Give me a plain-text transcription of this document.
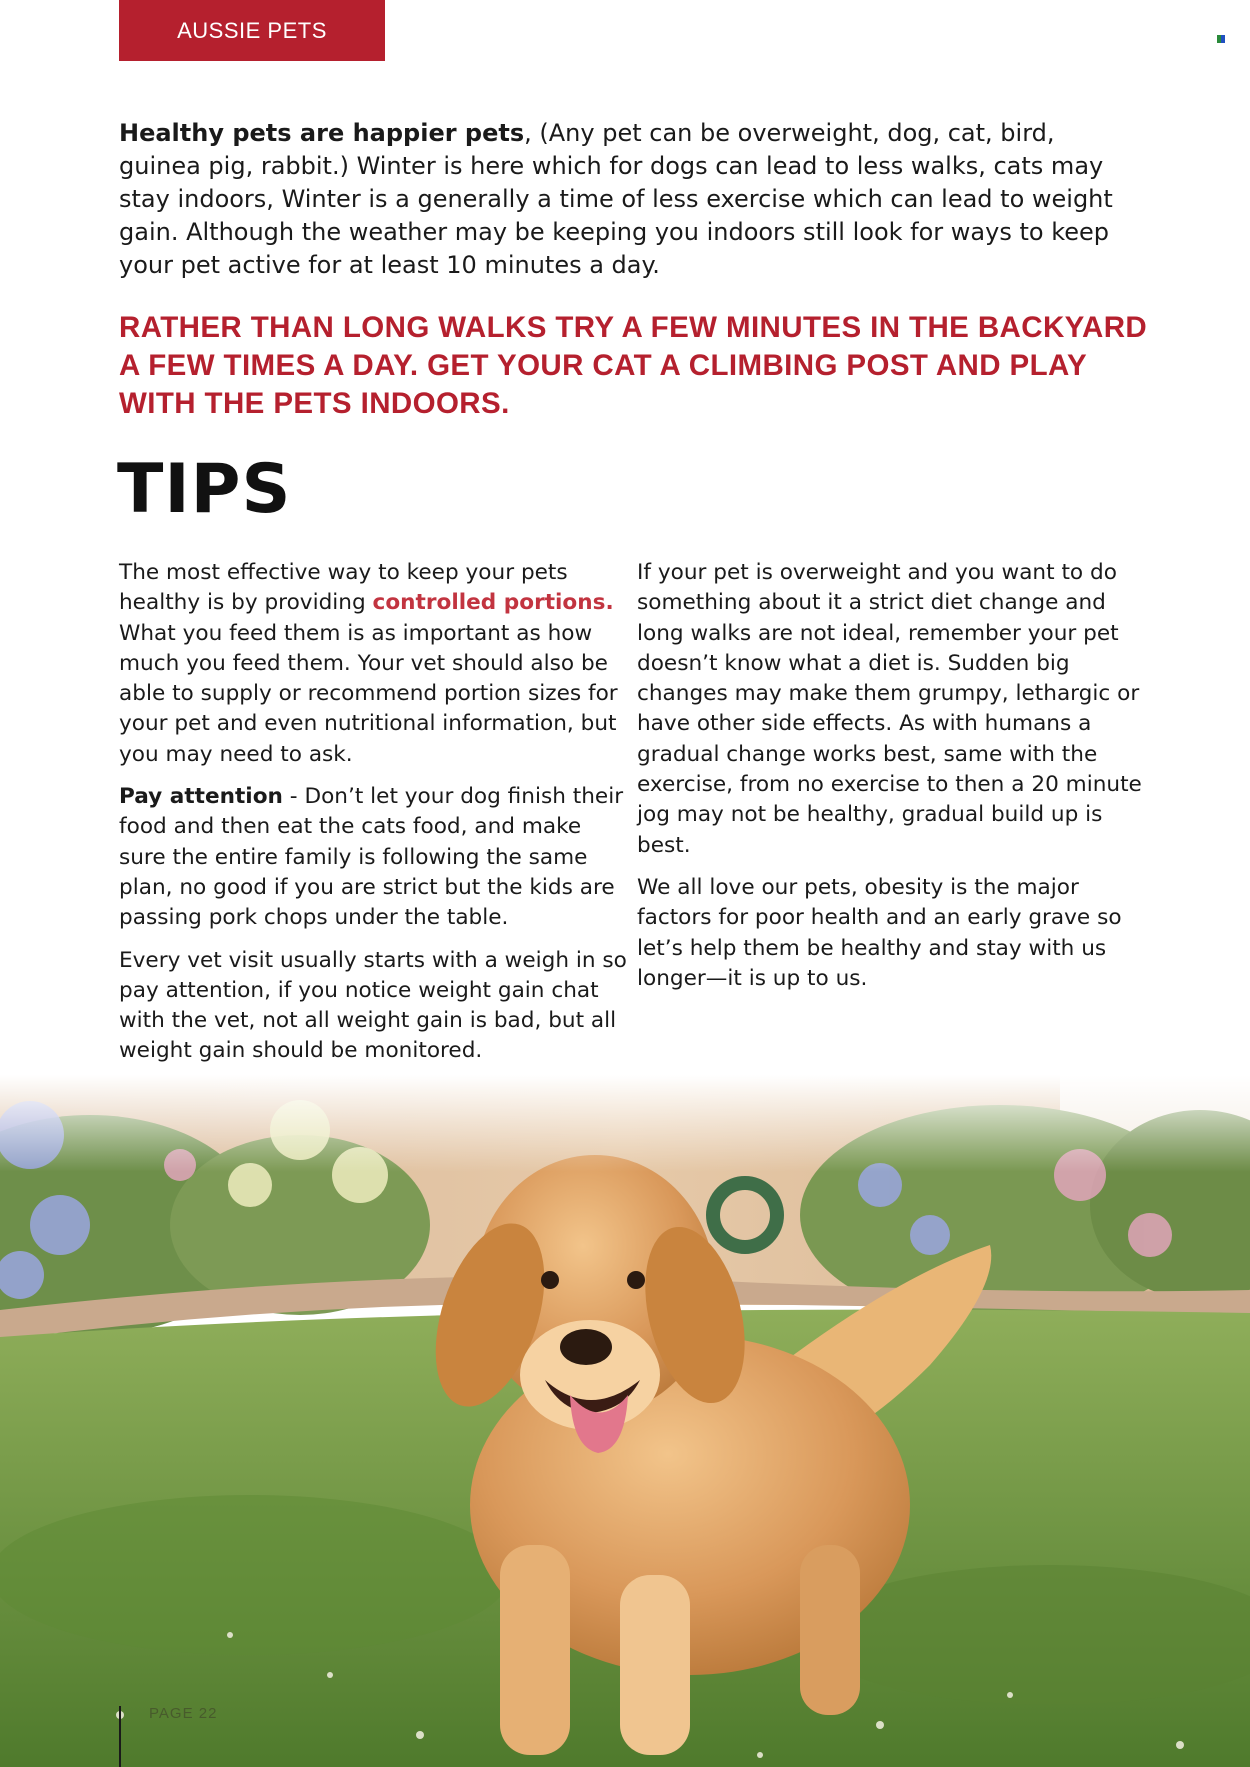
AUSSIE PETS

Healthy pets are happier pets, (Any pet can be overweight, dog, cat, bird, guinea pig, rabbit.) Winter is here which for dogs can lead to less walks, cats may stay indoors, Winter is a generally a time of less exercise which can lead to weight gain. Although the weather may be keeping you indoors still look for ways to keep your pet active for at least 10 minutes a day.

RATHER THAN LONG WALKS TRY A FEW MINUTES IN THE BACKYARD A FEW TIMES A DAY. GET YOUR CAT A CLIMBING POST AND PLAY WITH THE PETS INDOORS.

TIPS

The most effective way to keep your pets healthy is by providing controlled portions. What you feed them is as important as how much you feed them. Your vet should also be able to supply or recommend portion sizes for your pet and even nutritional information, but you may need to ask.

Pay attention - Don’t let your dog finish their food and then eat the cats food, and make sure the entire family is following the same plan, no good if you are strict but the kids are passing pork chops under the table.

Every vet visit usually starts with a weigh in so pay attention, if you notice weight gain chat with the vet, not all weight gain is bad, but all weight gain should be monitored.

If your pet is overweight and you want to do something about it a strict diet change and long walks are not ideal, remember your pet doesn’t know what a diet is. Sudden big changes may make them grumpy, lethargic or have other side effects. As with humans a gradual change works best, same with the exercise, from no exercise to then a 20 minute jog may not be healthy, gradual build up is best.

We all love our pets, obesity is the major factors for poor health and an early grave so let’s help them be healthy and stay with us longer—it is up to us.

PAGE 22
